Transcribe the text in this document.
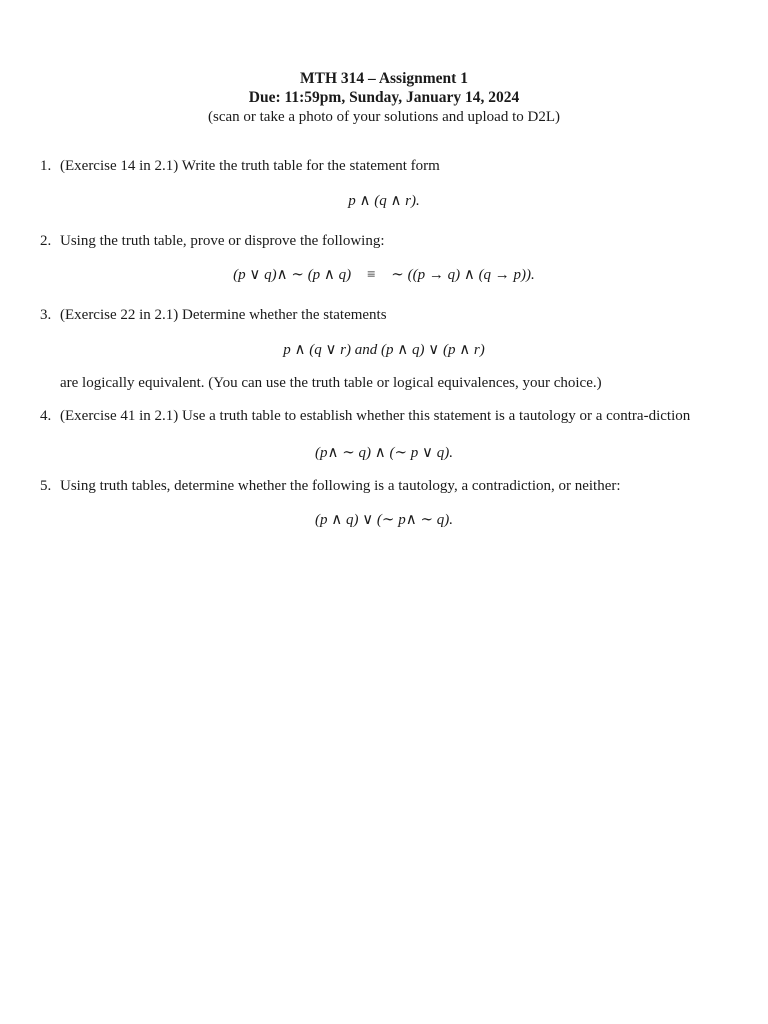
MTH 314 – Assignment 1
Due: 11:59pm, Sunday, January 14, 2024
(scan or take a photo of your solutions and upload to D2L)
1. (Exercise 14 in 2.1) Write the truth table for the statement form
p ∧ (q ∧ r).
2. Using the truth table, prove or disprove the following:
(p ∨ q)∧ ∼ (p ∧ q)    ≡    ∼ ((p → q) ∧ (q → p)).
3. (Exercise 22 in 2.1) Determine whether the statements
p ∧ (q ∨ r) and (p ∧ q) ∨ (p ∧ r)
are logically equivalent. (You can use the truth table or logical equivalences, your choice.)
4. (Exercise 41 in 2.1) Use a truth table to establish whether this statement is a tautology or a contra-diction
(p∧ ∼ q) ∧ (∼ p ∨ q).
5. Using truth tables, determine whether the following is a tautology, a contradiction, or neither:
(p ∧ q) ∨ (∼ p∧ ∼ q).
